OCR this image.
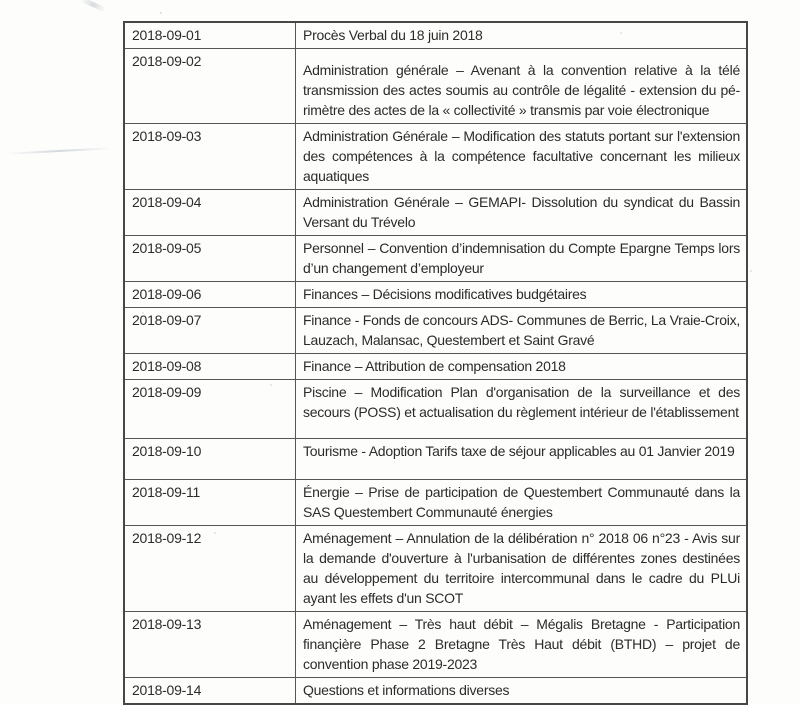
2018-09-01	Procès Verbal du 18 juin 2018
2018-09-02	Administration générale – Avenant à la convention relative à la télé transmission des actes soumis au contrôle de légalité - extension du pé-rimètre des actes de la « collectivité » transmis par voie électronique
2018-09-03	Administration Générale – Modification des statuts portant sur l'extension des compétences à la compétence facultative concernant les milieux aquatiques
2018-09-04	Administration Générale – GEMAPI- Dissolution du syndicat du Bassin Versant du Trévelo
2018-09-05	Personnel – Convention d’indemnisation du Compte Epargne Temps lors d’un changement d’employeur
2018-09-06	Finances – Décisions modificatives budgétaires
2018-09-07	Finance - Fonds de concours ADS- Communes de Berric, La Vraie-Croix, Lauzach, Malansac, Questembert et Saint Gravé
2018-09-08	Finance – Attribution de compensation 2018
2018-09-09	Piscine – Modification Plan d'organisation de la surveillance et des secours (POSS) et actualisation du règlement intérieur de l'établissement
2018-09-10	Tourisme - Adoption Tarifs taxe de séjour applicables au 01 Janvier 2019
2018-09-11	Énergie – Prise de participation de Questembert Communauté dans la SAS Questembert Communauté énergies
2018-09-12	Aménagement – Annulation de la délibération n° 2018 06 n°23 - Avis sur la demande d'ouverture à l'urbanisation de différentes zones destinées au développement du territoire intercommunal dans le cadre du PLUi ayant les effets d'un SCOT
2018-09-13	Aménagement – Très haut débit – Mégalis Bretagne - Participation finançière Phase 2 Bretagne Très Haut débit (BTHD) – projet de convention phase 2019-2023
2018-09-14	Questions et informations diverses
